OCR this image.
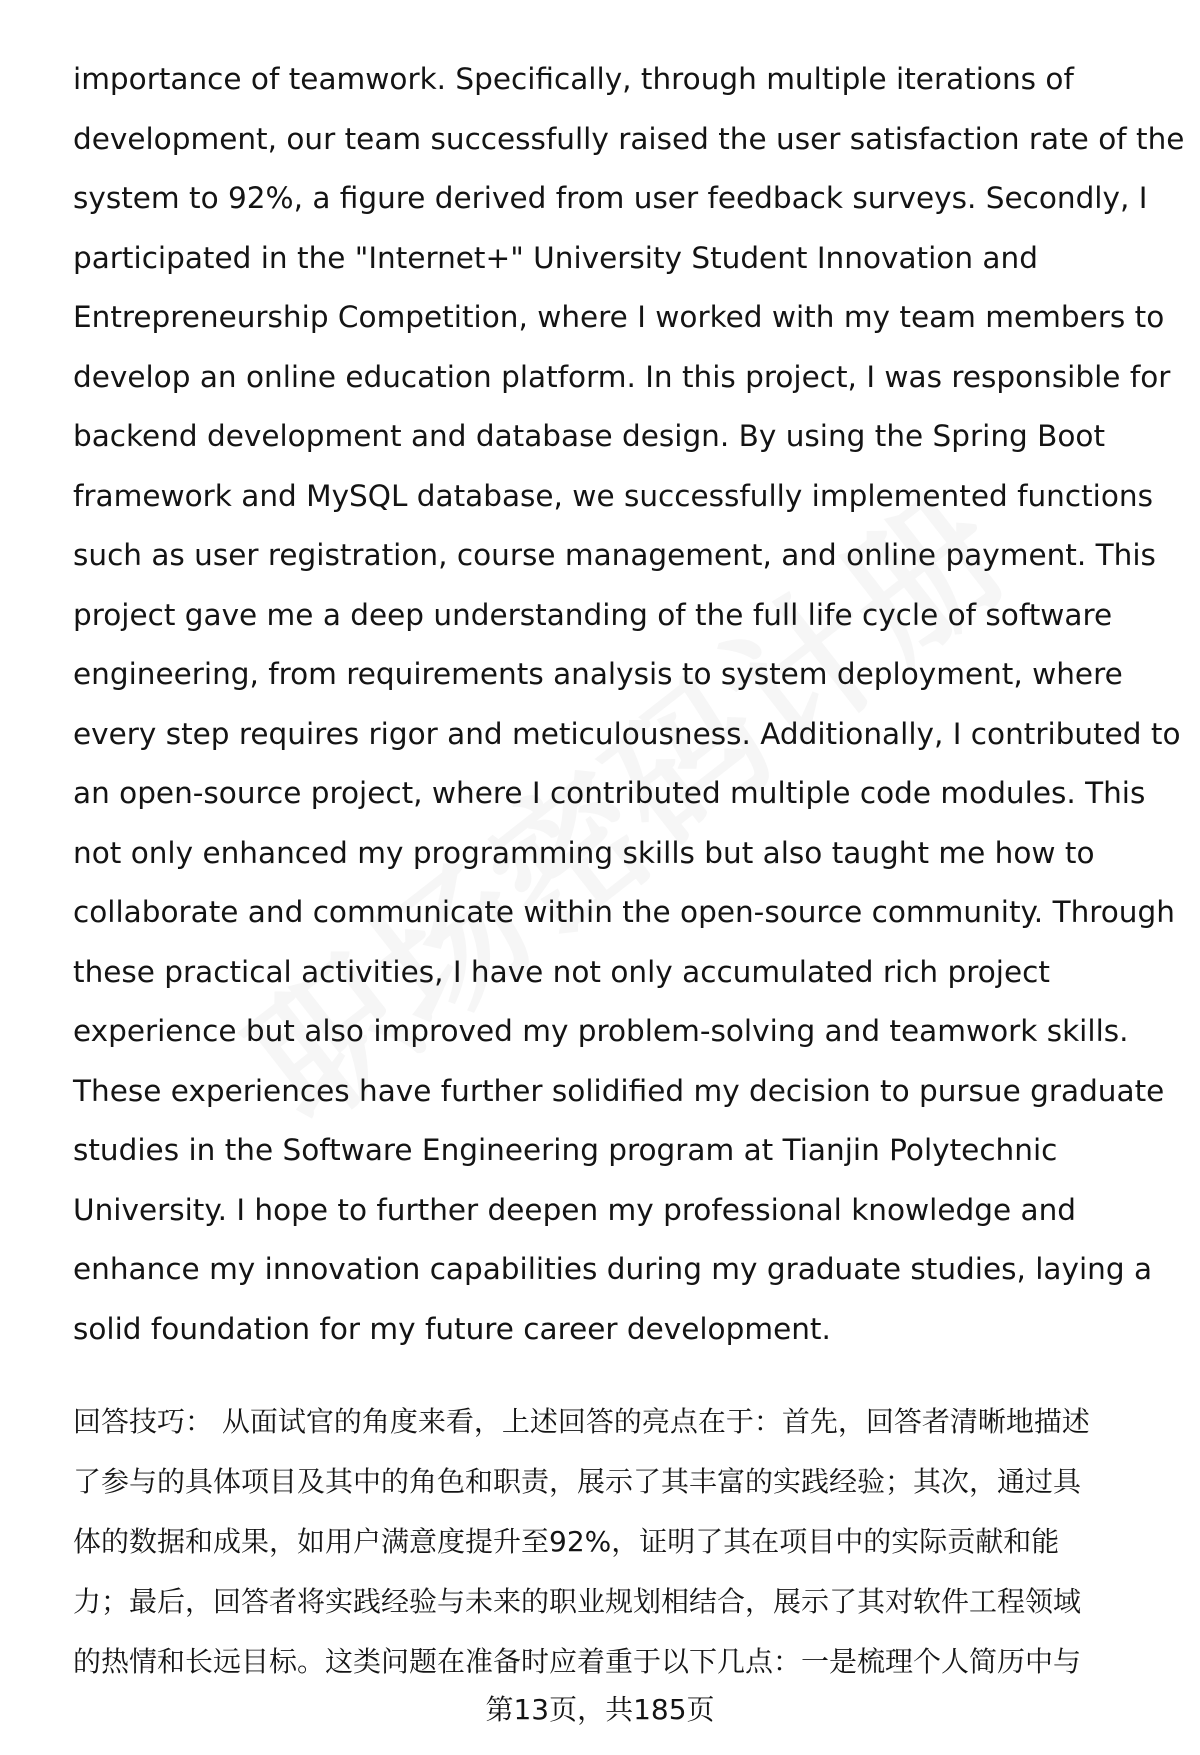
importance of teamwork. Specifically, through multiple iterations of
development, our team successfully raised the user satisfaction rate of the
system to 92%, a figure derived from user feedback surveys. Secondly, I
participated in the "Internet+" University Student Innovation and
Entrepreneurship Competition, where I worked with my team members to
develop an online education platform. In this project, I was responsible for
backend development and database design. By using the Spring Boot
framework and MySQL database, we successfully implemented functions
such as user registration, course management, and online payment. This
project gave me a deep understanding of the full life cycle of software
engineering, from requirements analysis to system deployment, where
every step requires rigor and meticulousness. Additionally, I contributed to
an open-source project, where I contributed multiple code modules. This
not only enhanced my programming skills but also taught me how to
collaborate and communicate within the open-source community. Through
these practical activities, I have not only accumulated rich project
experience but also improved my problem-solving and teamwork skills.
These experiences have further solidified my decision to pursue graduate
studies in the Software Engineering program at Tianjin Polytechnic
University. I hope to further deepen my professional knowledge and
enhance my innovation capabilities during my graduate studies, laying a
solid foundation for my future career development.
回答技巧： 从面试官的角度来看，上述回答的亮点在于：首先，回答者清晰地描述
了参与的具体项目及其中的角色和职责，展示了其丰富的实践经验；其次，通过具
体的数据和成果，如用户满意度提升至92%，证明了其在项目中的实际贡献和能
力；最后，回答者将实践经验与未来的职业规划相结合，展示了其对软件工程领域
的热情和长远目标。这类问题在准备时应着重于以下几点：一是梳理个人简历中与
第13页，共185页
